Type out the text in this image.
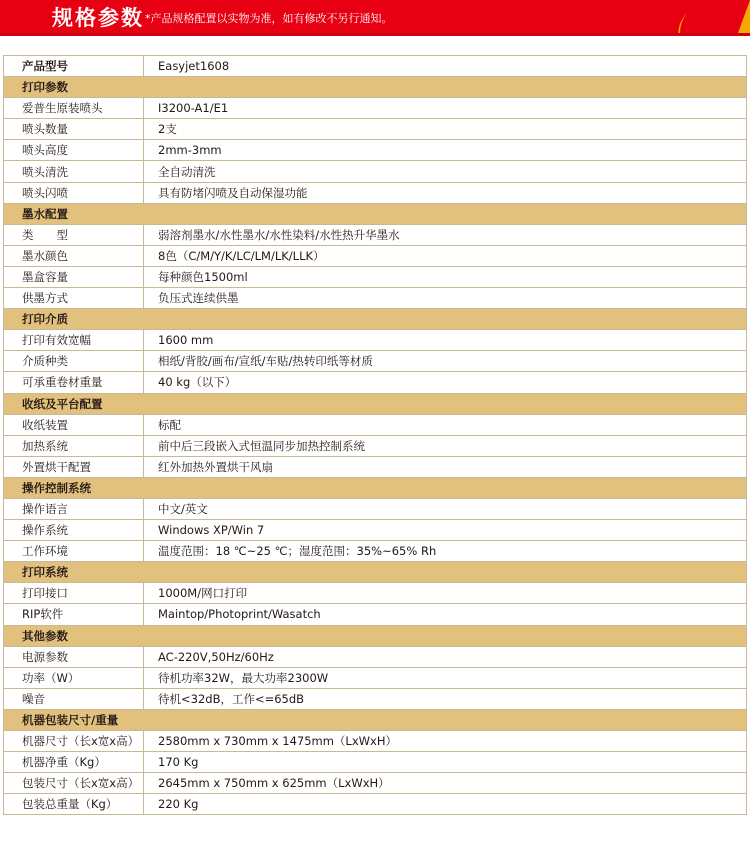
规格参数 *产品规格配置以实物为准，如有修改不另行通知。
产品型号	Easyjet1608
打印参数	
爱普生原装喷头	I3200-A1/E1
喷头数量	2支
喷头高度	2mm-3mm
喷头清洗	全自动清洗
喷头闪喷	具有防堵闪喷及自动保湿功能
墨水配置	
类　　型	弱溶剂墨水/水性墨水/水性染料/水性热升华墨水
墨水颜色	8色（C/M/Y/K/LC/LM/LK/LLK）
墨盒容量	每种颜色1500ml
供墨方式	负压式连续供墨
打印介质	
打印有效宽幅	1600 mm
介质种类	相纸/背胶/画布/宣纸/车贴/热转印纸等材质
可承重卷材重量	40 kg（以下）
收纸及平台配置	
收纸装置	标配
加热系统	前中后三段嵌入式恒温同步加热控制系统
外置烘干配置	红外加热外置烘干风扇
操作控制系统	
操作语言	中文/英文
操作系统	Windows XP/Win 7
工作环境	温度范围：18 ℃~25 ℃；湿度范围：35%~65% Rh
打印系统	
打印接口	1000M/网口打印
RIP软件	Maintop/Photoprint/Wasatch
其他参数	
电源参数	AC-220V,50Hz/60Hz
功率（W）	待机功率32W，最大功率2300W
噪音	待机<32dB，工作<=65dB
机器包装尺寸/重量	
机器尺寸（长x宽x高）	2580mm x 730mm x 1475mm（LxWxH）
机器净重（Kg）	170 Kg
包装尺寸（长x宽x高）	2645mm x 750mm x 625mm（LxWxH）
包装总重量（Kg）	220 Kg
